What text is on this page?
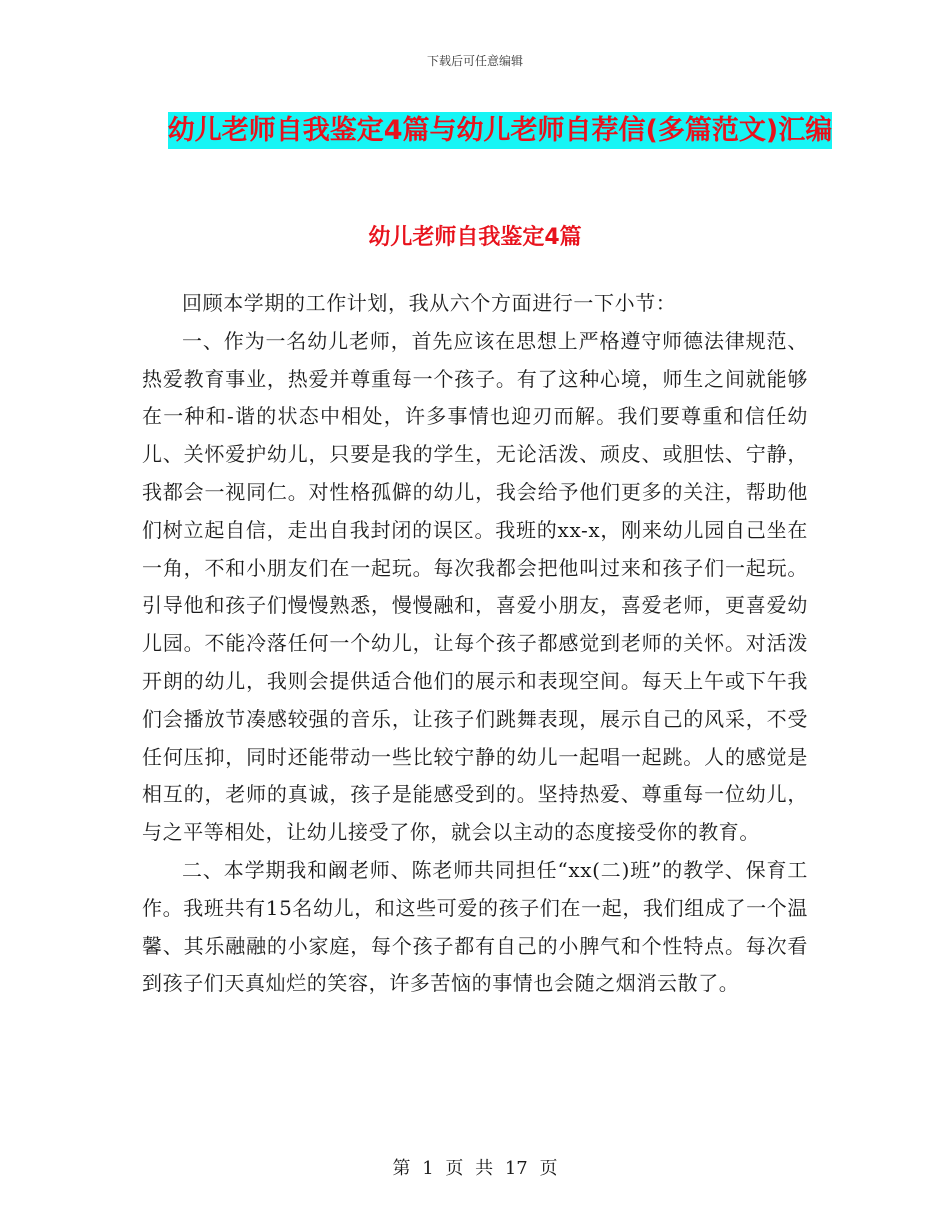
下载后可任意编辑
幼儿老师自我鉴定4篇与幼儿老师自荐信(多篇范文)汇编
幼儿老师自我鉴定4篇

回顾本学期的工作计划，我从六个方面进行一下小节：

一、作为一名幼儿老师，首先应该在思想上严格遵守师德法律规范、热爱教育事业，热爱并尊重每一个孩子。有了这种心境，师生之间就能够在一种和-谐的状态中相处，许多事情也迎刃而解。我们要尊重和信任幼儿、关怀爱护幼儿，只要是我的学生，无论活泼、顽皮、或胆怯、宁静，我都会一视同仁。对性格孤僻的幼儿，我会给予他们更多的关注，帮助他们树立起自信，走出自我封闭的误区。我班的xx-x，刚来幼儿园自己坐在一角，不和小朋友们在一起玩。每次我都会把他叫过来和孩子们一起玩。引导他和孩子们慢慢熟悉，慢慢融和，喜爱小朋友，喜爱老师，更喜爱幼儿园。不能冷落任何一个幼儿，让每个孩子都感觉到老师的关怀。对活泼开朗的幼儿，我则会提供适合他们的展示和表现空间。每天上午或下午我们会播放节凑感较强的音乐，让孩子们跳舞表现，展示自己的风采，不受任何压抑，同时还能带动一些比较宁静的幼儿一起唱一起跳。人的感觉是相互的，老师的真诚，孩子是能感受到的。坚持热爱、尊重每一位幼儿，与之平等相处，让幼儿接受了你，就会以主动的态度接受你的教育。

二、本学期我和阚老师、陈老师共同担任“xx(二)班”的教学、保育工作。我班共有15名幼儿，和这些可爱的孩子们在一起，我们组成了一个温馨、其乐融融的小家庭，每个孩子都有自己的小脾气和个性特点。每次看到孩子们天真灿烂的笑容，许多苦恼的事情也会随之烟消云散了。

第 1 页 共 17 页
